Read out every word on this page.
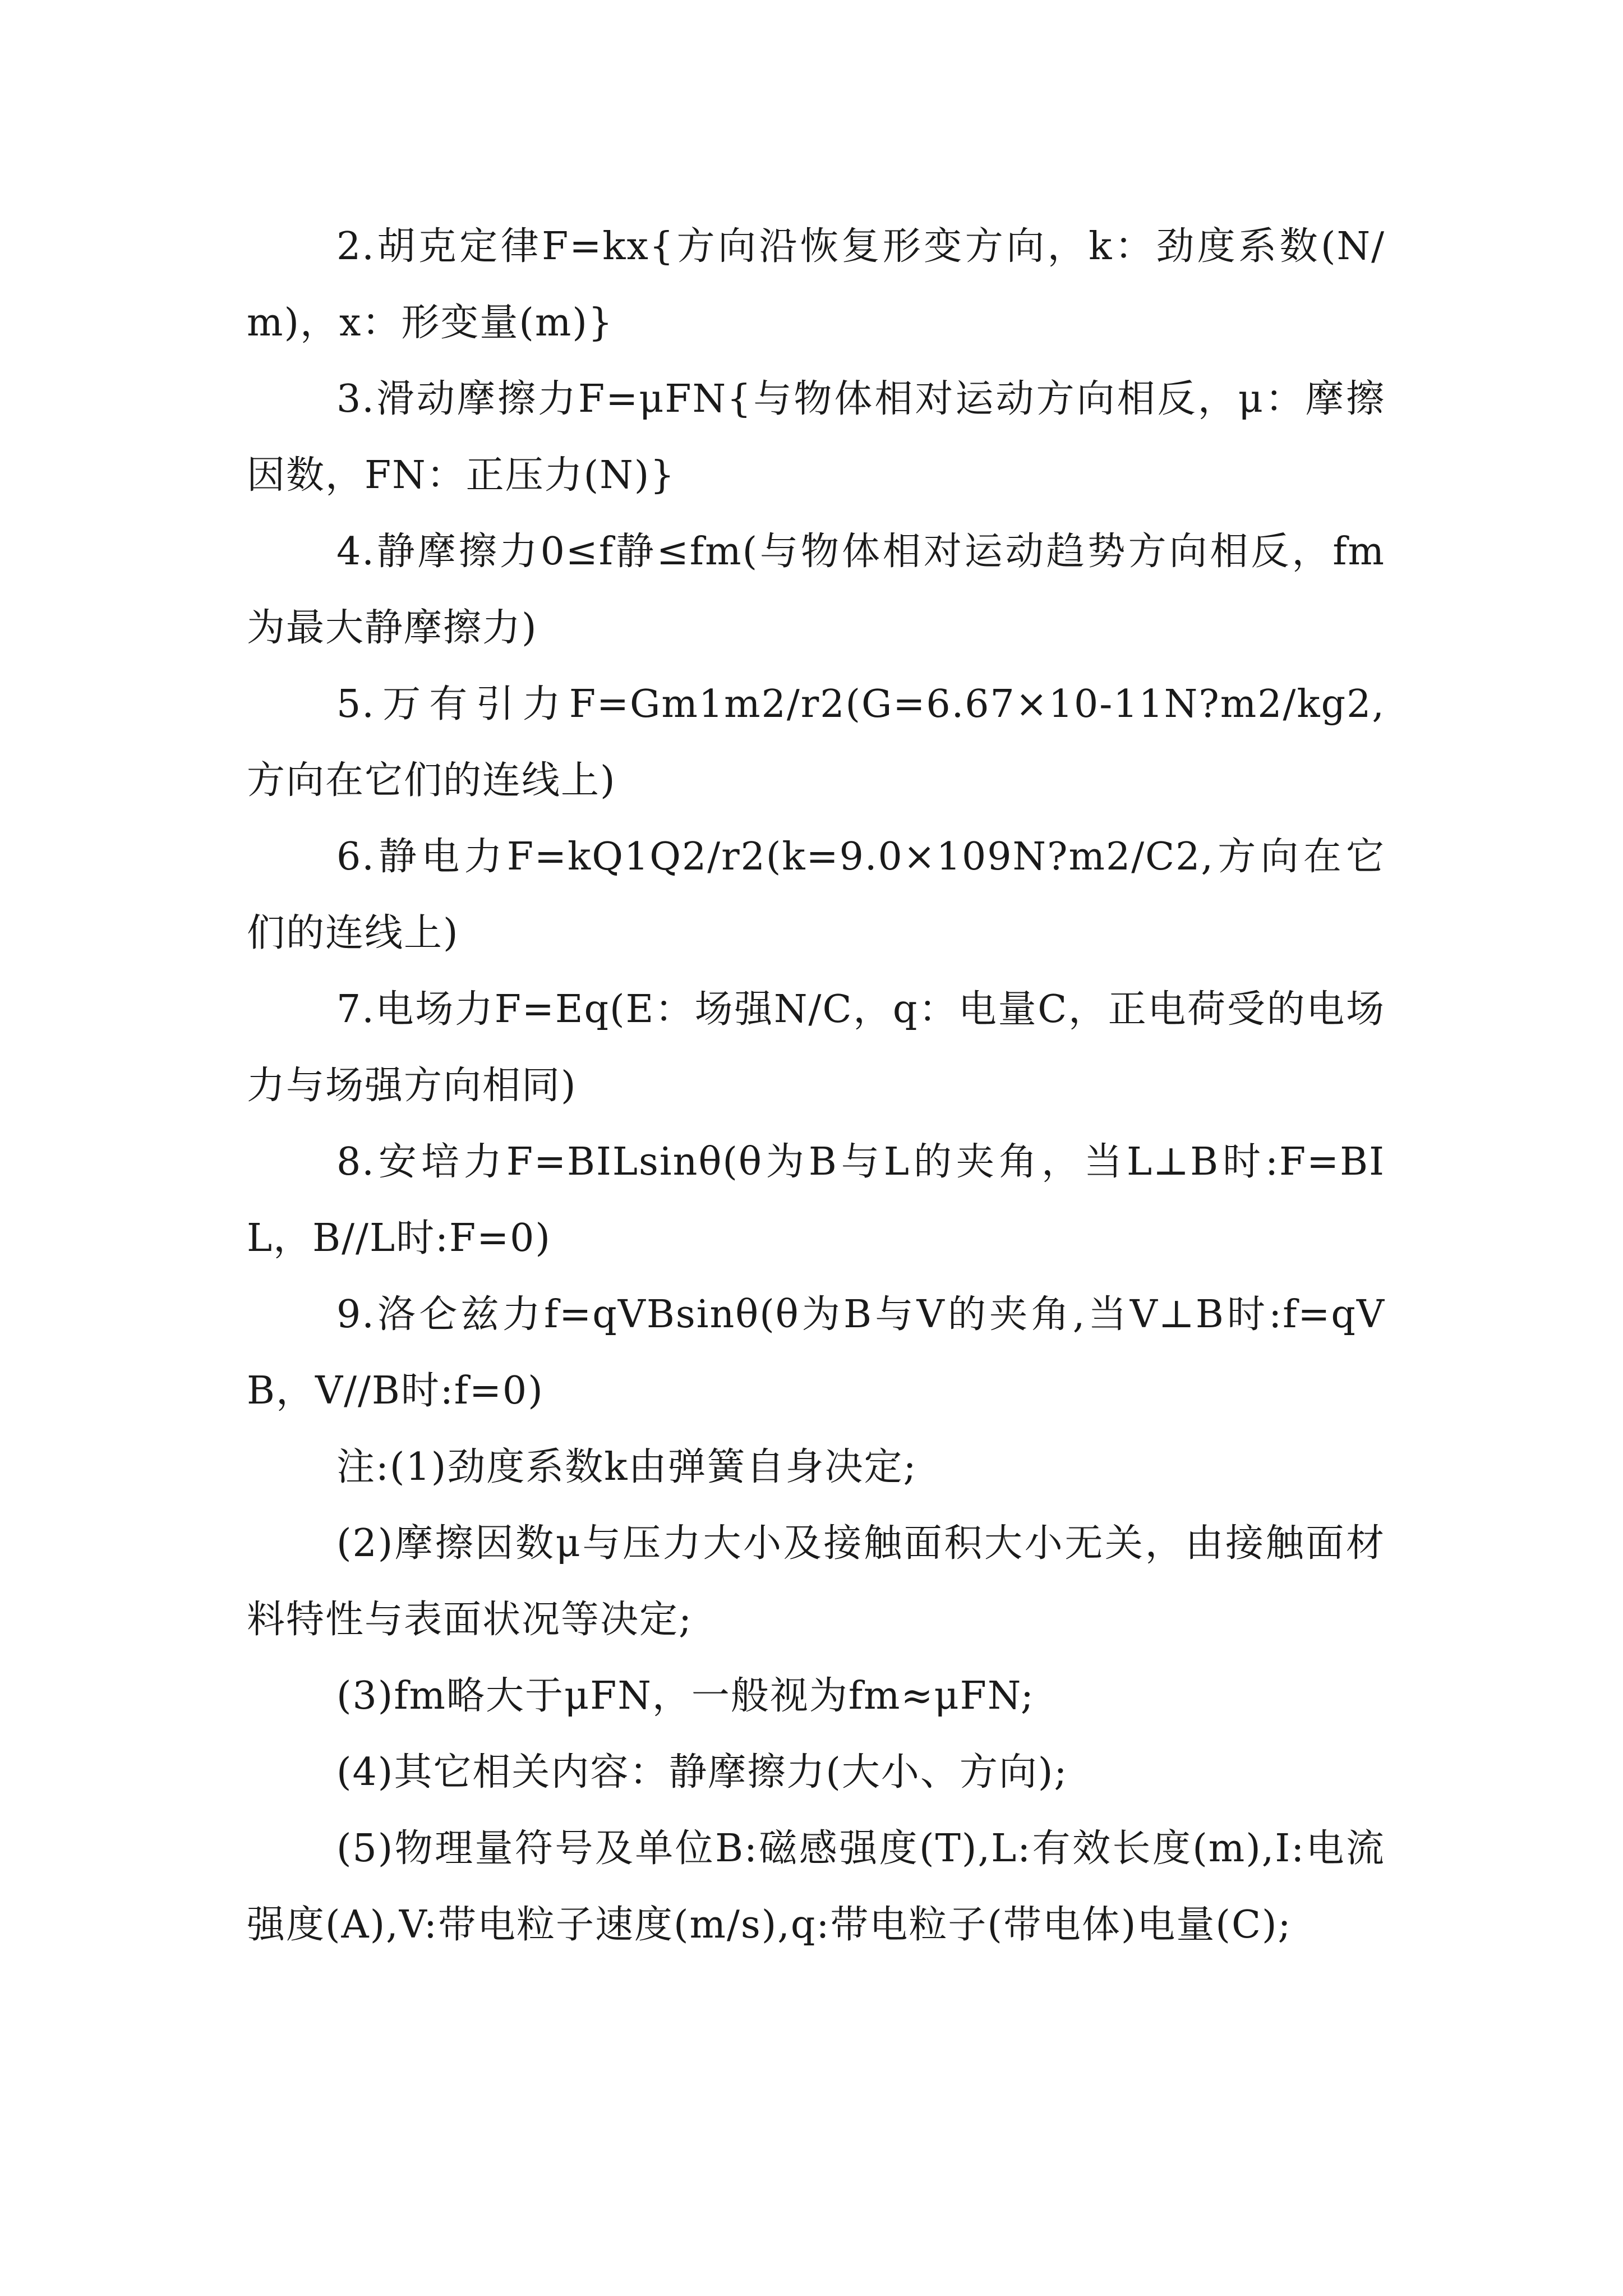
2.胡克定律F=kx{方向沿恢复形变方向，k：劲度系数(N/m)，x：形变量(m)}

3.滑动摩擦力F=μFN{与物体相对运动方向相反，μ：摩擦因数，FN：正压力(N)}

4.静摩擦力0≤f静≤fm(与物体相对运动趋势方向相反，fm为最大静摩擦力)

5.万有引力F=Gm1m2/r2(G=6.67×10-11N?m2/kg2,方向在它们的连线上)

6.静电力F=kQ1Q2/r2(k=9.0×109N?m2/C2,方向在它们的连线上)

7.电场力F=Eq(E：场强N/C，q：电量C，正电荷受的电场力与场强方向相同)

8.安培力F=BILsinθ(θ为B与L的夹角，当L⊥B时:F=BIL，B//L时:F=0)

9.洛仑兹力f=qVBsinθ(θ为B与V的夹角,当V⊥B时:f=qVB，V//B时:f=0)

注:(1)劲度系数k由弹簧自身决定;

(2)摩擦因数μ与压力大小及接触面积大小无关，由接触面材料特性与表面状况等决定;

(3)fm略大于μFN，一般视为fm≈μFN;

(4)其它相关内容：静摩擦力(大小、方向);

(5)物理量符号及单位B:磁感强度(T),L:有效长度(m),I:电流强度(A),V:带电粒子速度(m/s),q:带电粒子(带电体)电量(C);
